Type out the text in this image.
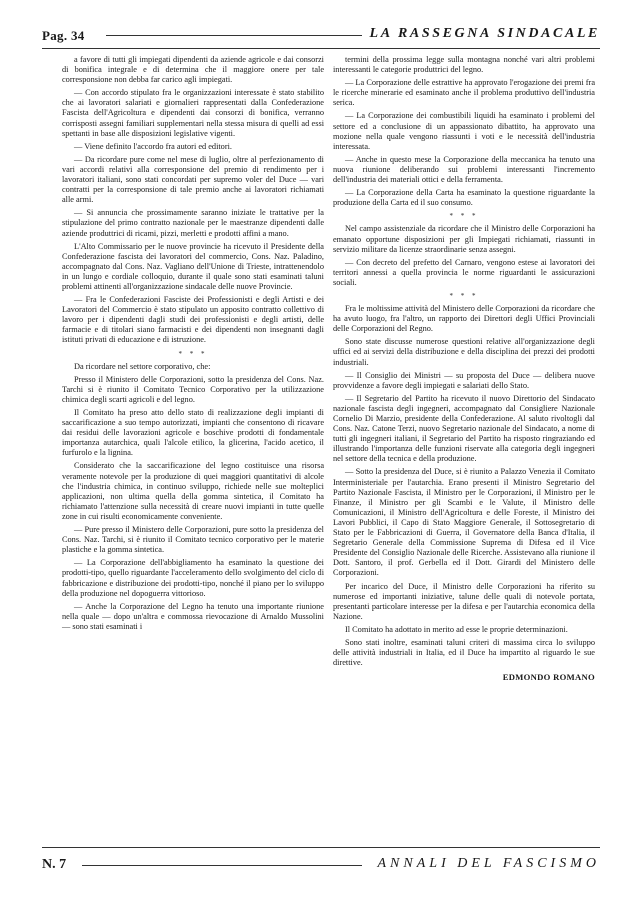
Pag. 34	LA RASSEGNA SINDACALE

a favore di tutti gli impiegati dipendenti da aziende agricole e dai consorzi di bonifica integrale e di determina che il maggiore onere per tale corresponsione non debba far carico agli impiegati.

— Con accordo stipulato fra le organizzazioni interessate è stato stabilito che ai lavoratori salariati e giornalieri rappresentati dalla Confederazione Fascista dell'Agricoltura e dipendenti dai consorzi di bonifica, verranno corrisposti assegni familiari supplementari nella stessa misura di quelli ad essi spettanti in base alle disposizioni legislative vigenti.

— Viene definito l'accordo fra autori ed editori.

— Da ricordare pure come nel mese di luglio, oltre al perfezionamento di vari accordi relativi alla corresponsione del premio di rendimento per i lavoratori italiani, sono stati concordati per supremo voler del Duce — vari contratti per la corresponsione di tale premio anche ai lavoratori richiamati alle armi.

— Si annuncia che prossimamente saranno iniziate le trattative per la stipulazione del primo contratto nazionale per le maestranze dipendenti dalle aziende produttrici di ricami, pizzi, merletti e prodotti affini a mano.

L'Alto Commissario per le nuove provincie ha ricevuto il Presidente della Confederazione fascista dei lavoratori del commercio, Cons. Naz. Paladino, accompagnato dal Cons. Naz. Vagliano dell'Unione di Trieste, intrattenendolo in un lungo e cordiale colloquio, durante il quale sono stati esaminati taluni problemi attinenti all'organizzazione sindacale delle nuove Provincie.

— Fra le Confederazioni Fasciste dei Professionisti e degli Artisti e dei Lavoratori del Commercio è stato stipulato un apposito contratto collettivo di lavoro per i dipendenti dagli studi dei professionisti e degli artisti, delle farmacie e di titolari siano farmacisti e dei dipendenti non insegnanti dagli istituti privati di educazione e di istruzione.

* * *

Da ricordare nel settore corporativo, che:

Presso il Ministero delle Corporazioni, sotto la presidenza del Cons. Naz. Tarchi si è riunito il Comitato Tecnico Corporativo per la utilizzazione chimica degli scarti agricoli e del legno.

Il Comitato ha preso atto dello stato di realizzazione degli impianti di saccarificazione a suo tempo autorizzati, impianti che consentono di ricavare dai residui delle lavorazioni agricole e boschive prodotti di fondamentale importanza autarchica, quali l'alcole etilico, la glicerina, l'acido acetico, il furfurolo e la lignina.

Considerato che la saccarificazione del legno costituisce una risorsa veramente notevole per la produzione di quei maggiori quantitativi di alcole che l'industria chimica, in continuo sviluppo, richiede nelle sue molteplici applicazioni, non ultima quella della gomma sintetica, il Comitato ha richiamato l'attenzione sulla necessità di creare nuovi impianti in tutte quelle zone in cui risulti economicamente conveniente.

— Pure presso il Ministero delle Corporazioni, pure sotto la presidenza del Cons. Naz. Tarchi, si è riunito il Comitato tecnico corporativo per le materie plastiche e la gomma sintetica.

— La Corporazione dell'abbigliamento ha esaminato la questione dei prodotti-tipo, quello riguardante l'acceleramento dello svolgimento del ciclo di fabbricazione e distribuzione dei prodotti-tipo, nonché il piano per lo sviluppo della produzione nel dopoguerra vittorioso.

— Anche la Corporazione del Legno ha tenuto una importante riunione nella quale — dopo un'altra e commossa rievocazione di Arnaldo Mussolini — sono stati esaminati i

termini della prossima legge sulla montagna nonché vari altri problemi interessanti le categorie produttrici del legno.

— La Corporazione delle estrattive ha approvato l'erogazione dei premi fra le ricerche minerarie ed esaminato anche il problema produttivo dell'industria serica.

— La Corporazione dei combustibili liquidi ha esaminato i problemi del settore ed a conclusione di un appassionato dibattito, ha approvato una mozione nella quale vengono riassunti i voti e le necessità dell'industria interessata.

— Anche in questo mese la Corporazione della meccanica ha tenuto una nuova riunione deliberando sui problemi interessanti l'incremento dell'industria dei materiali ottici e della ferramenta.

— La Corporazione della Carta ha esaminato la questione riguardante la produzione della Carta ed il suo consumo.

* * *

Nel campo assistenziale da ricordare che il Ministro delle Corporazioni ha emanato opportune disposizioni per gli Impiegati richiamati, riassunti in servizio militare da licenze straordinarie senza assegni.

— Con decreto del prefetto del Carnaro, vengono estese ai lavoratori dei territori annessi a quella provincia le norme riguardanti le assicurazioni sociali.

* * *

Fra le moltissime attività del Ministero delle Corporazioni da ricordare che ha avuto luogo, fra l'altro, un rapporto dei Direttori degli Uffici Provinciali delle Corporazioni del Regno.

Sono state discusse numerose questioni relative all'organizzazione degli uffici ed ai servizi della distribuzione e della disciplina dei prezzi dei prodotti industriali.

— Il Consiglio dei Ministri — su proposta del Duce — delibera nuove provvidenze a favore degli impiegati e salariati dello Stato.

— Il Segretario del Partito ha ricevuto il nuovo Direttorio del Sindacato nazionale fascista degli ingegneri, accompagnato dal Consigliere Nazionale Cornelio Di Marzio, presidente della Confederazione. Al saluto rivoltogli dal Cons. Naz. Catone Terzi, nuovo Segretario nazionale del Sindacato, a nome di tutti gli ingegneri italiani, il Segretario del Partito ha risposto ringraziando ed illustrando l'importanza delle funzioni riservate alla categoria degli ingegneri nel settore della tecnica e della produzione.

— Sotto la presidenza del Duce, si è riunito a Palazzo Venezia il Comitato Interministeriale per l'autarchia. Erano presenti il Ministro Segretario del Partito Nazionale Fascista, il Ministro per le Corporazioni, il Ministro per le Finanze, il Ministro per gli Scambi e le Valute, il Ministro delle Comunicazioni, il Ministro dell'Agricoltura e delle Foreste, il Ministro dei Lavori Pubblici, il Capo di Stato Maggiore Generale, il Sottosegretario di Stato per le Fabbricazioni di Guerra, il Governatore della Banca d'Italia, il Segretario Generale della Commissione Suprema di Difesa ed il Vice Presidente del Consiglio Nazionale delle Ricerche. Assistevano alla riunione il Dott. Santoro, il prof. Gerbella ed il Dott. Girardi del Ministero delle Corporazioni.

Per incarico del Duce, il Ministro delle Corporazioni ha riferito su numerose ed importanti iniziative, talune delle quali di notevole portata, presentanti particolare interesse per la difesa e per l'autarchia economica della Nazione.

Il Comitato ha adottato in merito ad esse le proprie determinazioni.

Sono stati inoltre, esaminati taluni criteri di massima circa lo sviluppo delle attività industriali in Italia, ed il Duce ha impartito al riguardo le sue direttive.

EDMONDO ROMANO

N. 7	ANNALI DEL FASCISMO
